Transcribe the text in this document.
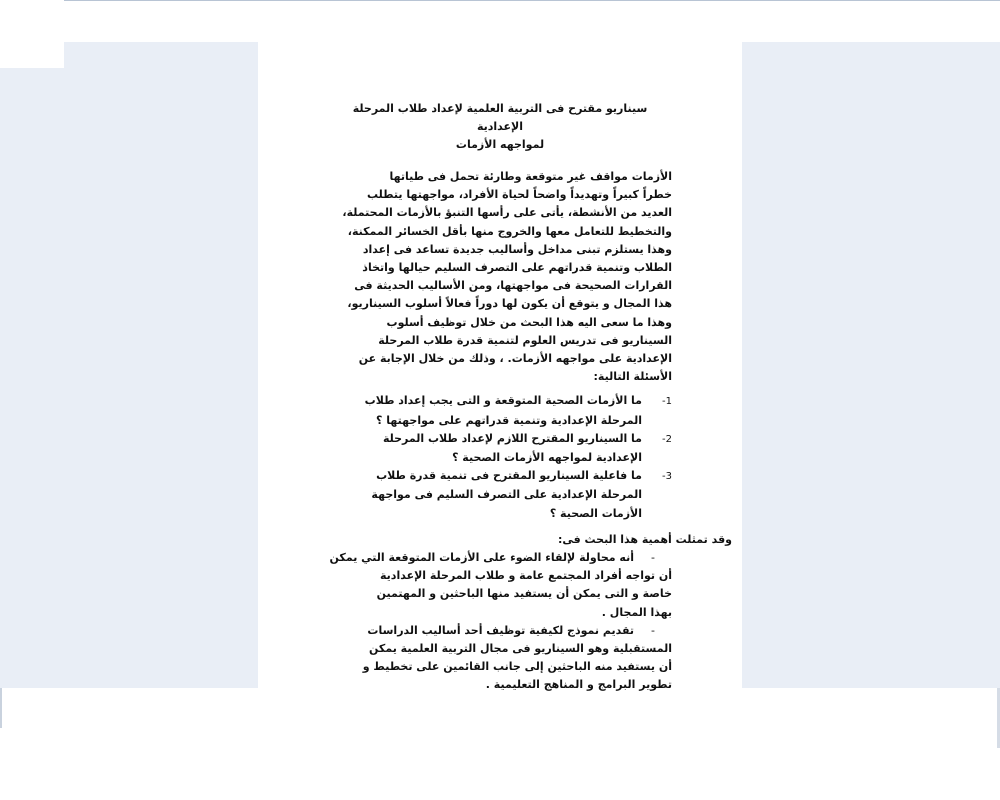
سيناريو مقترح فى التربية العلمية لإعداد طلاب المرحلة الإعدادية
لمواجهه الأزمات
الأزمات مواقف غير متوقعة وطارئة تحمل فى طياتها
خطراً كبيراً وتهديداً واضحاً لحياة الأفراد، مواجهتها يتطلب
العديد من الأنشطة، يأتى على رأسها التنبؤ بالأزمات المحتملة،
والتخطيط للتعامل معها والخروج منها بأقل الخسائر الممكنة،
وهذا يستلزم تبنى مداخل وأساليب جديدة تساعد فى إعداد
الطلاب وتنمية قدراتهم على التصرف السليم حيالها واتخاذ
القرارات الصحيحة فى مواجهتها، ومن الأساليب الحديثة فى
هذا المجال و يتوقع أن يكون لها دوراً فعالاً أسلوب السيناريو،
وهذا ما سعى اليه هذا البحث من خلال توظيف أسلوب
السيناريو فى تدريس العلوم لتنمية قدرة طلاب المرحلة
الإعدادية على مواجهه الأزمات. ، وذلك من خلال الإجابة عن
الأسئلة التالية:
1-ما الأزمات الصحية المتوقعة و التى يجب إعداد طلاب
المرحلة الإعدادية وتنمية قدراتهم على مواجهتها ؟
2-ما السيناريو المقترح اللازم لإعداد طلاب المرحلة
الإعدادية لمواجهه الأزمات الصحية ؟
3-ما فاعلية السيناريو المقترح فى تنمية قدرة طلاب
المرحلة الإعدادية على التصرف السليم فى مواجهة
الأزمات الصحية ؟
وقد تمثلت أهمية هذا البحث فى:
-أنه محاولة لإلقاء الضوء على الأزمات المتوقعة التي يمكن
أن تواجه أفراد المجتمع عامة و طلاب المرحلة الإعدادية
خاصة و التى يمكن أن يستفيد منها الباحثين و المهتمين
بهذا المجال .
-تقديم نموذج لكيفية توظيف أحد أساليب الدراسات
المستقبلية وهو السيناريو فى مجال التربية العلمية يمكن
أن يستفيد منه الباحثين إلى جانب القائمين على تخطيط و
تطوير البرامج و المناهج التعليمية .
